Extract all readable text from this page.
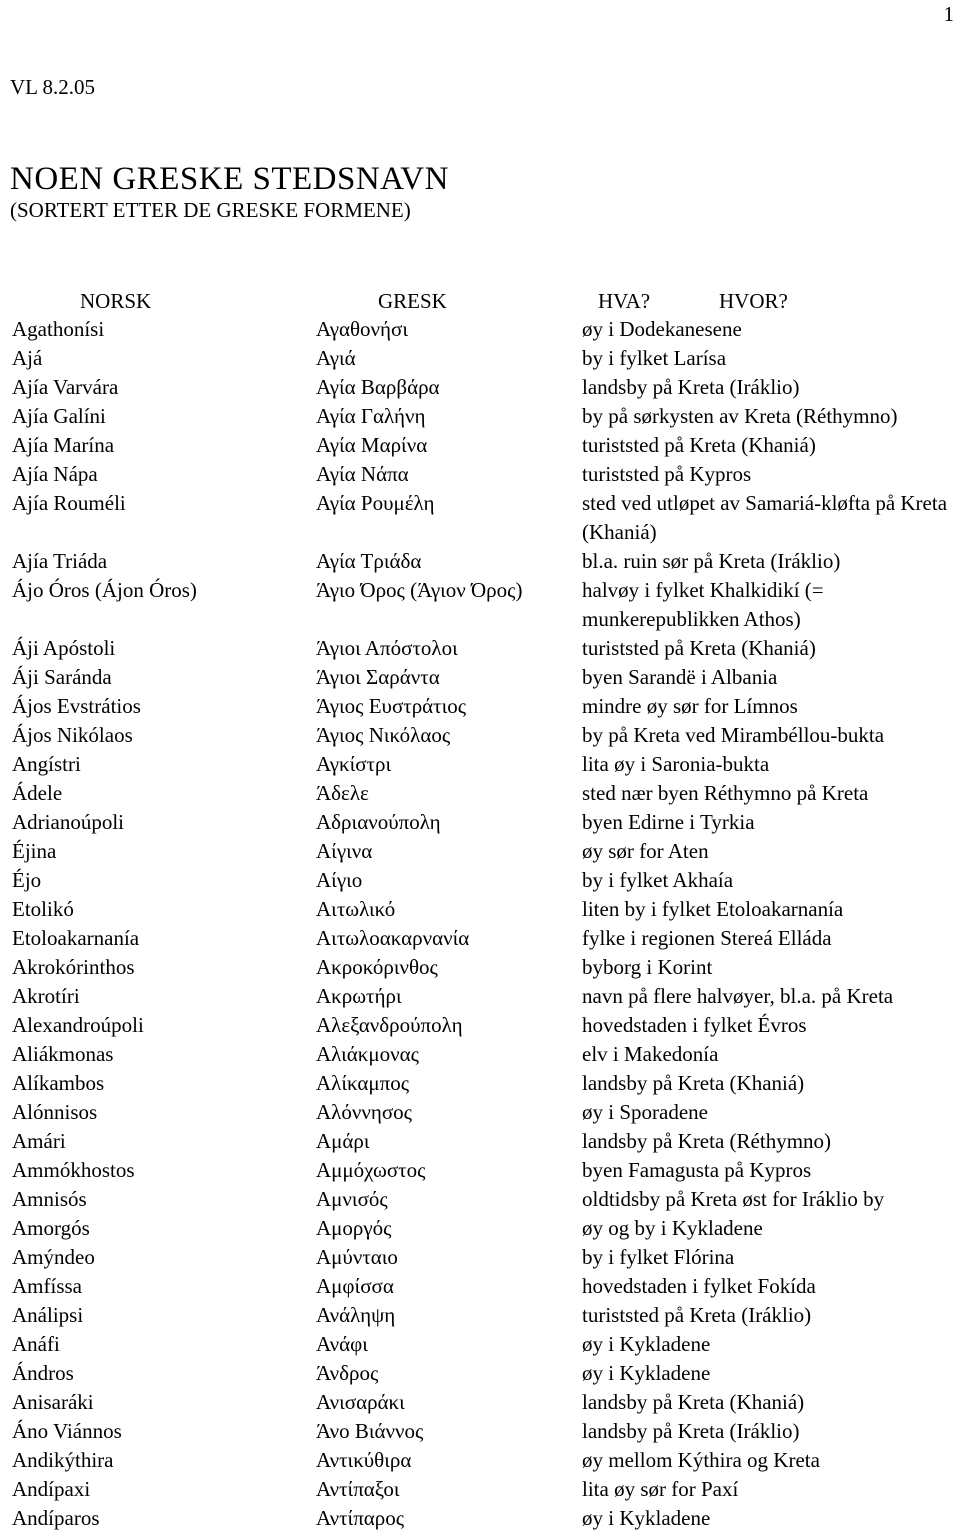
1
VL 8.2.05
NOEN GRESKE STEDSNAVN
(SORTERT ETTER DE GRESKE FORMENE)
NORSK	GRESK	HVA?	HVOR?
Agathonísi	Αγαθονήσι	øy i Dodekanesene
Ajá	Αγιά	by i fylket Larísa
Ajía Varvára	Αγία Βαρβάρα	landsby på Kreta (Iráklio)
Ajía Galíni	Αγία Γαλήνη	by på sørkysten av Kreta (Réthymno)
Ajía Marína	Αγία Μαρίνα	turiststed på Kreta (Khaniá)
Ajía Nápa	Αγία Νάπα	turiststed på Kypros
Ajía Rouméli	Αγία Ρουμέλη	sted ved utløpet av Samariá-kløfta på Kreta (Khaniá)
Ajía Triáda	Αγία Τριάδα	bl.a. ruin sør på Kreta (Iráklio)
Ájo Óros (Ájon Óros)	Άγιο Όρος (Άγιον Όρος)	halvøy i fylket Khalkidikí (= munkerepublikken Athos)
Áji Apóstoli	Άγιοι Απόστολοι	turiststed på Kreta (Khaniá)
Áji Saránda	Άγιοι Σαράντα	byen Sarandë i Albania
Ájos Evstrátios	Άγιος Ευστράτιος	mindre øy sør for Límnos
Ájos Nikólaos	Άγιος Νικόλαος	by på Kreta ved Mirambéllou-bukta
Angístri	Αγκίστρι	lita øy i Saronia-bukta
Ádele	Άδελε	sted nær byen Réthymno på Kreta
Adrianoúpoli	Αδριανούπολη	byen Edirne i Tyrkia
Éjina	Αίγινα	øy sør for Aten
Éjo	Αίγιο	by i fylket Akhaía
Etolikó	Αιτωλικό	liten by i fylket Etoloakarnanía
Etoloakarnanía	Αιτωλοακαρνανία	fylke i regionen Stereá Elláda
Akrokórinthos	Ακροκόρινθος	byborg i Korint
Akrotíri	Ακρωτήρι	navn på flere halvøyer, bl.a. på Kreta
Alexandroúpoli	Αλεξανδρούπολη	hovedstaden i fylket Évros
Aliákmonas	Αλιάκμονας	elv i Makedonía
Alíkambos	Αλίκαμπος	landsby på Kreta (Khaniá)
Alónnisos	Αλόννησος	øy i Sporadene
Amári	Αμάρι	landsby på Kreta (Réthymno)
Ammókhostos	Αμμόχωστος	byen Famagusta på Kypros
Amnisós	Αμνισός	oldtidsby på Kreta øst for Iráklio by
Amorgós	Αμοργός	øy og by i Kykladene
Amýndeo	Αμύνταιο	by i fylket Flórina
Amfíssa	Αμφίσσα	hovedstaden i fylket Fokída
Análipsi	Ανάληψη	turiststed på Kreta (Iráklio)
Anáfi	Ανάφι	øy i Kykladene
Ándros	Άνδρος	øy i Kykladene
Anisaráki	Ανισαράκι	landsby på Kreta (Khaniá)
Áno Viánnos	Άνο Βιάννος	landsby på Kreta (Iráklio)
Andikýthira	Αντικύθιρα	øy mellom Kýthira og Kreta
Andípaxi	Αντίπαξοι	lita øy sør for Paxí
Andíparos	Αντίπαρος	øy i Kykladene
